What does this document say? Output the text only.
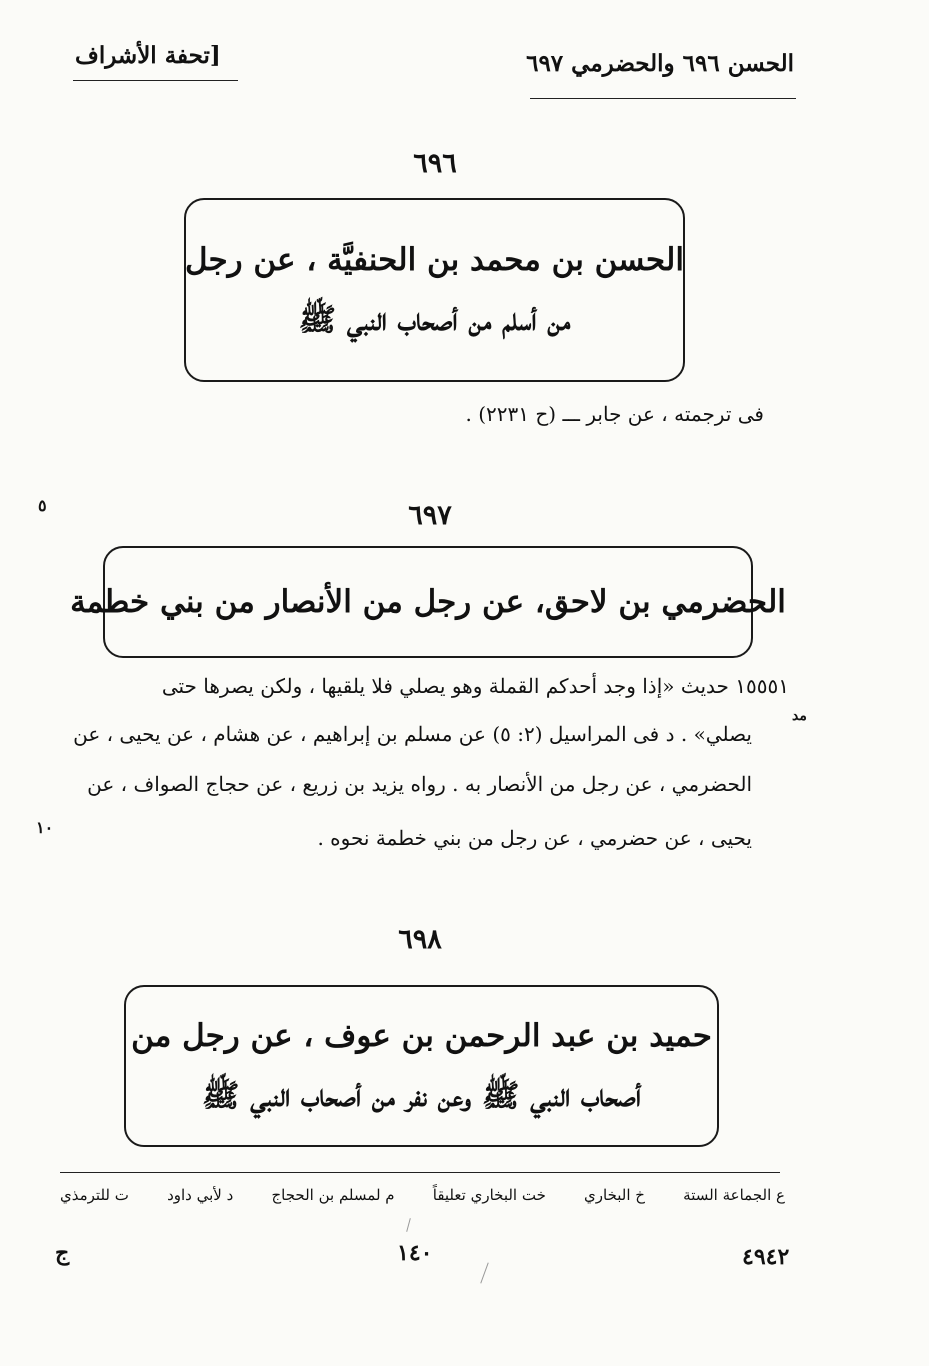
الحسن ٦٩٦ والحضرمي ٦٩٧
[تحفة الأشراف
٦٩٦
الحسن بن محمد بن الحنفيَّة ، عن رجل
من أسلم من أصحاب النبي ﷺ
فى ترجمته ، عن جابر ـــ (ح ٢٢٣١) .
٥	٦٩٧
الحضرمي بن لاحق، عن رجل من الأنصار من بني خطمة
١٥٥٥١ حديث «إذا وجد أحدكم القملة وهو يصلي فلا يلقيها ، ولكن يصرها حتى
مد
يصلي» . د فى المراسيل (٢: ٥) عن مسلم بن إبراهيم ، عن هشام ، عن يحيى ، عن
الحضرمي ، عن رجل من الأنصار به . رواه يزيد بن زريع ، عن حجاج الصواف ، عن
يحيى ، عن حضرمي ، عن رجل من بني خطمة نحوه .
١٠
٦٩٨
حميد بن عبد الرحمن بن عوف ، عن رجل من
أصحاب النبي ﷺ وعن نفر من أصحاب النبي ﷺ
ع الجماعة الستة
خ البخاري
خت البخاري تعليقاً
م لمسلم بن الحجاج
د لأبي داود
ت للترمذي
٤٩٤٢
١٤٠
ج
